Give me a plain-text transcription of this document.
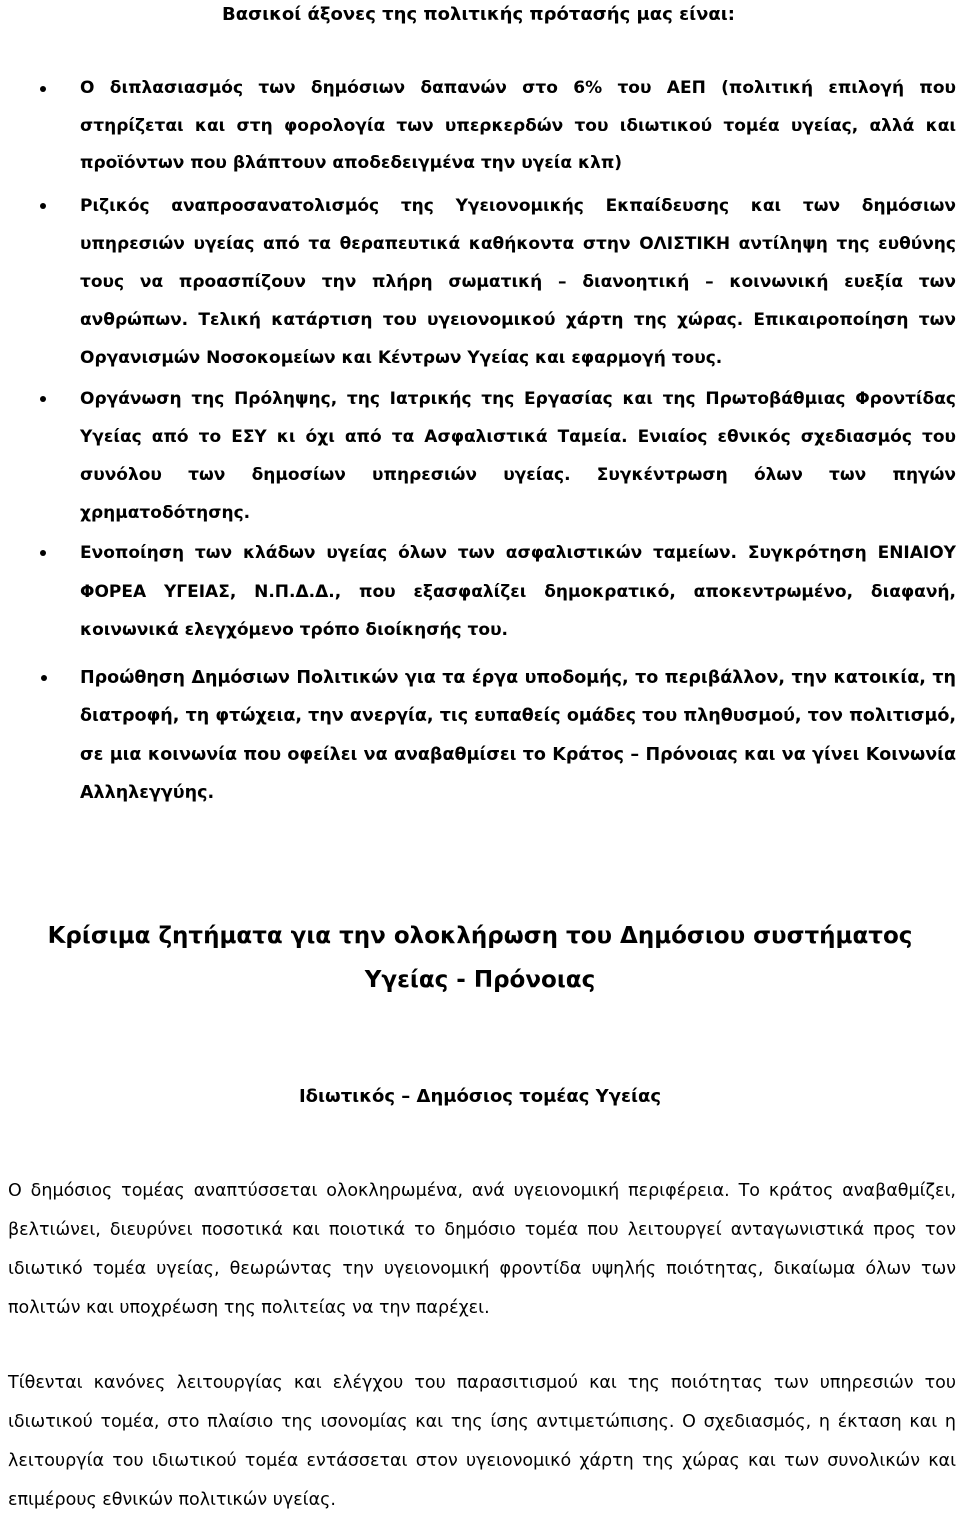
Βασικοί άξονες της πολιτικής πρότασής μας είναι:
Ο διπλασιασμός των δημόσιων δαπανών στο 6% του ΑΕΠ (πολιτική επιλογή που στηρίζεται και στη φορολογία των υπερκερδών του ιδιωτικού τομέα υγείας, αλλά και προϊόντων που βλάπτουν αποδεδειγμένα την υγεία κλπ)
Ριζικός αναπροσανατολισμός της Υγειονομικής Εκπαίδευσης και των δημόσιων υπηρεσιών υγείας από τα θεραπευτικά καθήκοντα στην ΟΛΙΣΤΙΚΗ αντίληψη της ευθύνης τους να προασπίζουν την πλήρη σωματική – διανοητική – κοινωνική ευεξία των ανθρώπων. Τελική κατάρτιση του υγειονομικού χάρτη της χώρας. Επικαιροποίηση των Οργανισμών Νοσοκομείων και Κέντρων Υγείας και εφαρμογή τους.
Οργάνωση της Πρόληψης, της Ιατρικής της Εργασίας και της Πρωτοβάθμιας Φροντίδας Υγείας από το ΕΣΥ κι όχι από τα Ασφαλιστικά Ταμεία. Ενιαίος εθνικός σχεδιασμός του συνόλου των δημοσίων υπηρεσιών υγείας. Συγκέντρωση όλων των πηγών χρηματοδότησης.
Ενοποίηση των κλάδων υγείας όλων των ασφαλιστικών ταμείων. Συγκρότηση ΕΝΙΑΙΟΥ ΦΟΡΕΑ ΥΓΕΙΑΣ, Ν.Π.Δ.Δ., που εξασφαλίζει δημοκρατικό, αποκεντρωμένο, διαφανή, κοινωνικά ελεγχόμενο τρόπο διοίκησής του.
Προώθηση Δημόσιων Πολιτικών για τα έργα υποδομής, το περιβάλλον, την κατοικία, τη διατροφή, τη φτώχεια, την ανεργία, τις ευπαθείς ομάδες του πληθυσμού, τον πολιτισμό, σε μια κοινωνία που οφείλει να αναβαθμίσει το Κράτος – Πρόνοιας και να γίνει Κοινωνία Αλληλεγγύης.
Κρίσιμα ζητήματα για την ολοκλήρωση του Δημόσιου συστήματος
Υγείας - Πρόνοιας
Ιδιωτικός – Δημόσιος τομέας Υγείας

Ο δημόσιος τομέας αναπτύσσεται ολοκληρωμένα, ανά υγειονομική περιφέρεια. Το κράτος αναβαθμίζει, βελτιώνει, διευρύνει ποσοτικά και ποιοτικά το δημόσιο τομέα που λειτουργεί ανταγωνιστικά προς τον ιδιωτικό τομέα υγείας, θεωρώντας την υγειονομική φροντίδα υψηλής ποιότητας, δικαίωμα όλων των πολιτών και υποχρέωση της πολιτείας να την παρέχει.

Τίθενται κανόνες λειτουργίας και ελέγχου του παρασιτισμού και της ποιότητας των υπηρεσιών του ιδιωτικού τομέα, στο πλαίσιο της ισονομίας και της ίσης αντιμετώπισης. Ο σχεδιασμός, η έκταση και η λειτουργία του ιδιωτικού τομέα εντάσσεται στον υγειονομικό χάρτη της χώρας και των συνολικών και επιμέρους εθνικών πολιτικών υγείας.
